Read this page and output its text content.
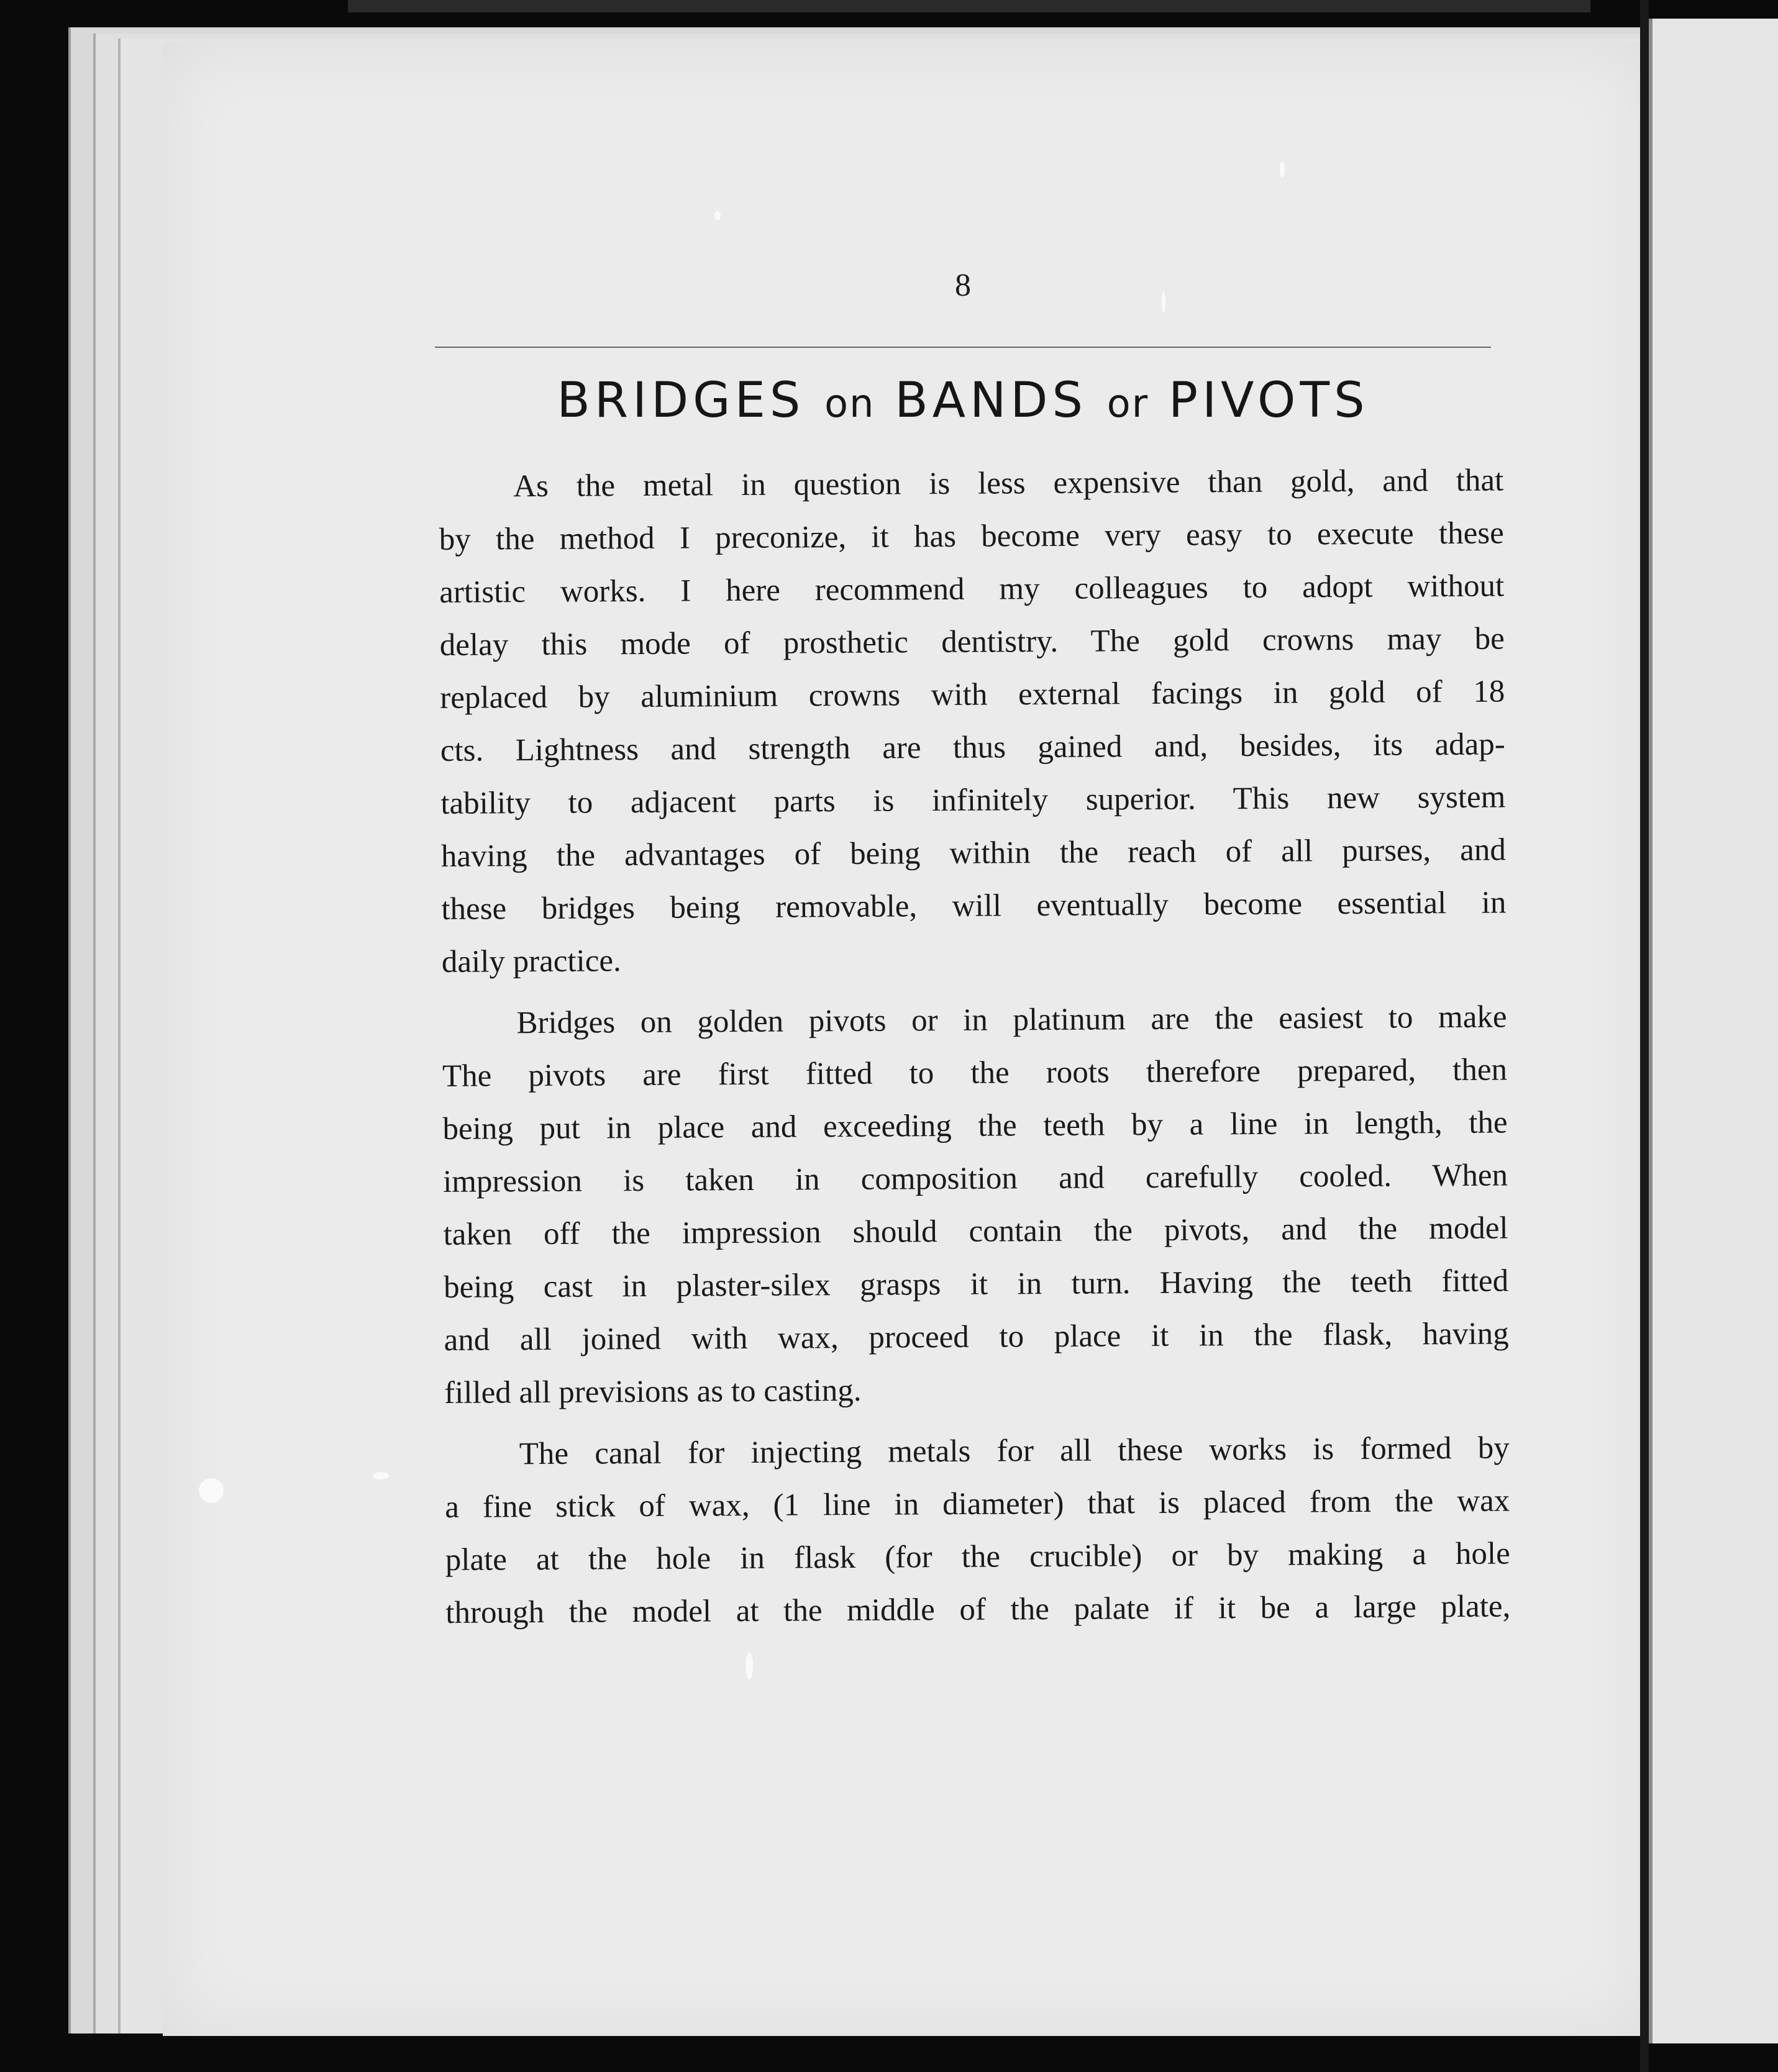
8
BRIDGES on BANDS or PIVOTS
As the metal in question is less expensive than gold, and that
by the method I preconize, it has become very easy to execute these
artistic works. I here recommend my colleagues to adopt without
delay this mode of prosthetic dentistry. The gold crowns may be
replaced by aluminium crowns with external facings in gold of 18
cts. Lightness and strength are thus gained and, besides, its adap-
tability to adjacent parts is infinitely superior. This new system
having the advantages of being within the reach of all purses, and
these bridges being removable, will eventually become essential in
daily practice.
Bridges on golden pivots or in platinum are the easiest to make
The pivots are first fitted to the roots therefore prepared, then
being put in place and exceeding the teeth by a line in length, the
impression is taken in composition and carefully cooled. When
taken off the impression should contain the pivots, and the model
being cast in plaster-silex grasps it in turn. Having the teeth fitted
and all joined with wax, proceed to place it in the flask, having
filled all previsions as to casting.
The canal for injecting metals for all these works is formed by
a fine stick of wax, (1 line in diameter) that is placed from the wax
plate at the hole in flask (for the crucible) or by making a hole
through the model at the middle of the palate if it be a large plate,
